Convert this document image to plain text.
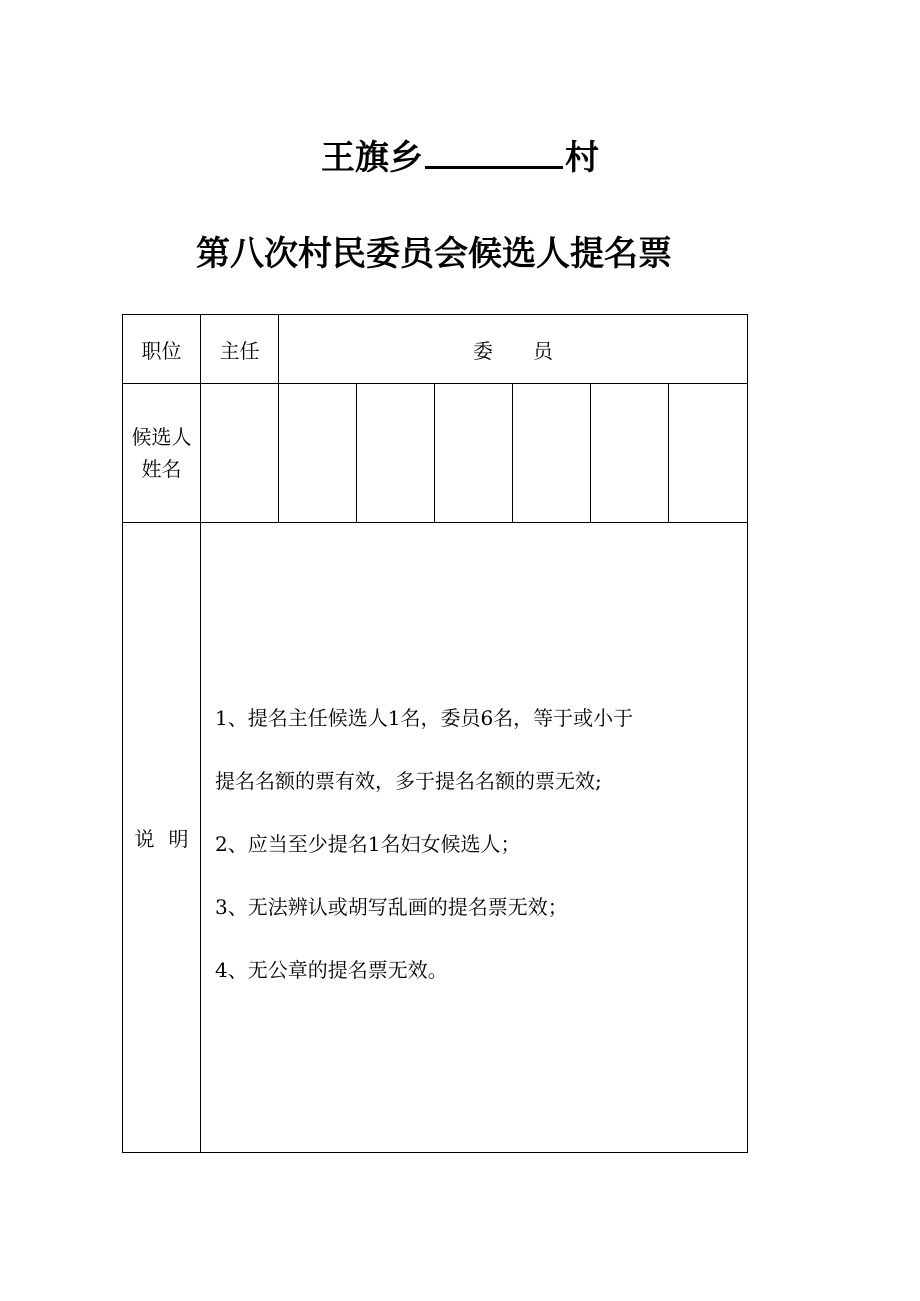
王旗乡	村
第八次村民委员会候选人提名票
职位	主任	委 员					

候选人
姓名							

说 明	1、提名主任候选人1名，委员6名，等于或小于

提名名额的票有效，多于提名名额的票无效;

2、应当至少提名1名妇女候选人；

3、无法辨认或胡写乱画的提名票无效；

4、无公章的提名票无效。						
